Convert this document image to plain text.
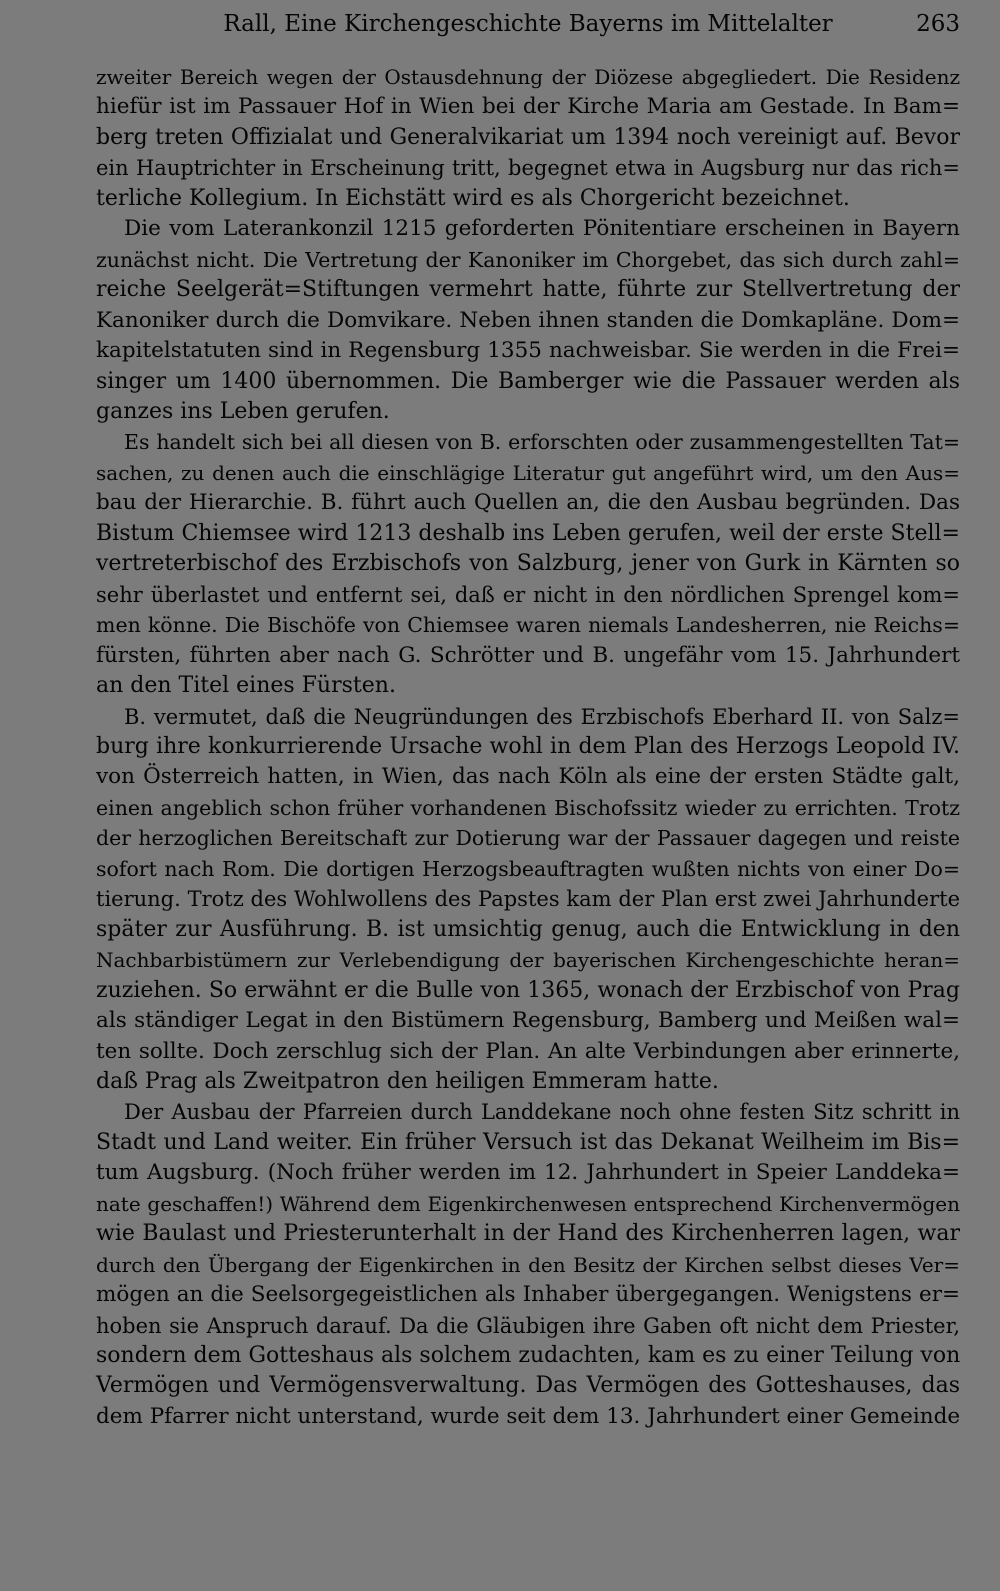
Rall, Eine Kirchengeschichte Bayerns im Mittelalter	263
zweiter Bereich wegen der Ostausdehnung der Diözese abgegliedert. Die Residenz
hiefür ist im Passauer Hof in Wien bei der Kirche Maria am Gestade. In Bam=
berg treten Offizialat und Generalvikariat um 1394 noch vereinigt auf. Bevor
ein Hauptrichter in Erscheinung tritt, begegnet etwa in Augsburg nur das rich=
terliche Kollegium. In Eichstätt wird es als Chorgericht bezeichnet.
Die vom Laterankonzil 1215 geforderten Pönitentiare erscheinen in Bayern
zunächst nicht. Die Vertretung der Kanoniker im Chorgebet, das sich durch zahl=
reiche Seelgerät=Stiftungen vermehrt hatte, führte zur Stellvertretung der
Kanoniker durch die Domvikare. Neben ihnen standen die Domkapläne. Dom=
kapitelstatuten sind in Regensburg 1355 nachweisbar. Sie werden in die Frei=
singer um 1400 übernommen. Die Bamberger wie die Passauer werden als
ganzes ins Leben gerufen.
Es handelt sich bei all diesen von B. erforschten oder zusammengestellten Tat=
sachen, zu denen auch die einschlägige Literatur gut angeführt wird, um den Aus=
bau der Hierarchie. B. führt auch Quellen an, die den Ausbau begründen. Das
Bistum Chiemsee wird 1213 deshalb ins Leben gerufen, weil der erste Stell=
vertreterbischof des Erzbischofs von Salzburg, jener von Gurk in Kärnten so
sehr überlastet und entfernt sei, daß er nicht in den nördlichen Sprengel kom=
men könne. Die Bischöfe von Chiemsee waren niemals Landesherren, nie Reichs=
fürsten, führten aber nach G. Schrötter und B. ungefähr vom 15. Jahrhundert
an den Titel eines Fürsten.
B. vermutet, daß die Neugründungen des Erzbischofs Eberhard II. von Salz=
burg ihre konkurrierende Ursache wohl in dem Plan des Herzogs Leopold IV.
von Österreich hatten, in Wien, das nach Köln als eine der ersten Städte galt,
einen angeblich schon früher vorhandenen Bischofssitz wieder zu errichten. Trotz
der herzoglichen Bereitschaft zur Dotierung war der Passauer dagegen und reiste
sofort nach Rom. Die dortigen Herzogsbeauftragten wußten nichts von einer Do=
tierung. Trotz des Wohlwollens des Papstes kam der Plan erst zwei Jahrhunderte
später zur Ausführung. B. ist umsichtig genug, auch die Entwicklung in den
Nachbarbistümern zur Verlebendigung der bayerischen Kirchengeschichte heran=
zuziehen. So erwähnt er die Bulle von 1365, wonach der Erzbischof von Prag
als ständiger Legat in den Bistümern Regensburg, Bamberg und Meißen wal=
ten sollte. Doch zerschlug sich der Plan. An alte Verbindungen aber erinnerte,
daß Prag als Zweitpatron den heiligen Emmeram hatte.
Der Ausbau der Pfarreien durch Landdekane noch ohne festen Sitz schritt in
Stadt und Land weiter. Ein früher Versuch ist das Dekanat Weilheim im Bis=
tum Augsburg. (Noch früher werden im 12. Jahrhundert in Speier Landdeka=
nate geschaffen!) Während dem Eigenkirchenwesen entsprechend Kirchenvermögen
wie Baulast und Priesterunterhalt in der Hand des Kirchenherren lagen, war
durch den Übergang der Eigenkirchen in den Besitz der Kirchen selbst dieses Ver=
mögen an die Seelsorgegeistlichen als Inhaber übergegangen. Wenigstens er=
hoben sie Anspruch darauf. Da die Gläubigen ihre Gaben oft nicht dem Priester,
sondern dem Gotteshaus als solchem zudachten, kam es zu einer Teilung von
Vermögen und Vermögensverwaltung. Das Vermögen des Gotteshauses, das
dem Pfarrer nicht unterstand, wurde seit dem 13. Jahrhundert einer Gemeinde
